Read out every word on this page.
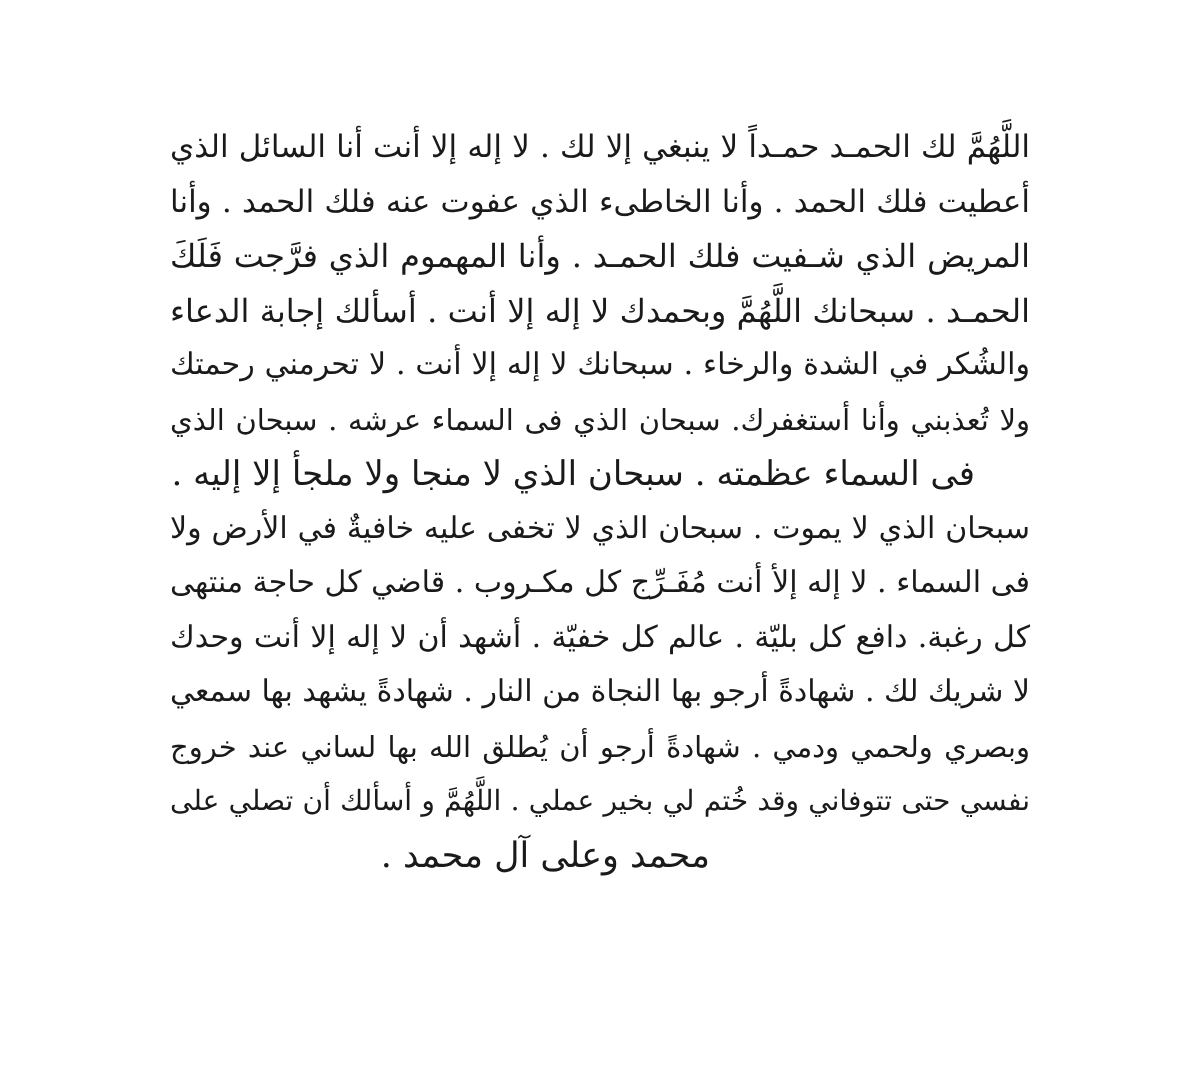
اللَّهُمَّ لك الحمـد حمـداً لا ينبغي إلا لك . لا إله إلا أنت أنا السائل الذي
أعطيت فلك الحمد . وأنا الخاطىء الذي عفوت عنه فلك الحمد . وأنا
المريض الذي شـفيت فلك الحمـد . وأنا المهموم الذي فرَّجت فَلَكَ
الحمـد . سبحانك اللَّهُمَّ وبحمدك لا إله إلا أنت . أسألك إجابة الدعاء
والشُكر في الشدة والرخاء . سبحانك لا إله إلا أنت . لا تحرمني رحمتك
ولا تُعذبني وأنا أستغفرك. سبحان الذي فى السماء عرشه . سبحان الذي
فى السماء عظمته . سبحان الذي لا منجا ولا ملجأ إلا إليه .
سبحان الذي لا يموت . سبحان الذي لا تخفى عليه خافيةٌ في الأرض ولا
فى السماء . لا إله إلأ أنت مُفَـرِّج كل مكـروب . قاضي كل حاجة منتهى
كل رغبة. دافع كل بليّة . عالم كل خفيّة . أشهد أن لا إله إلا أنت وحدك
لا شريك لك . شهادةً أرجو بها النجاة من النار . شهادةً يشهد بها سمعي
وبصري ولحمي ودمي . شهادةً أرجو أن يُطلق الله بها لساني عند خروج
نفسي حتى تتوفاني وقد خُتم لي بخير عملي . اللَّهُمَّ و أسألك أن تصلي على
محمد وعلى آل محمد .
